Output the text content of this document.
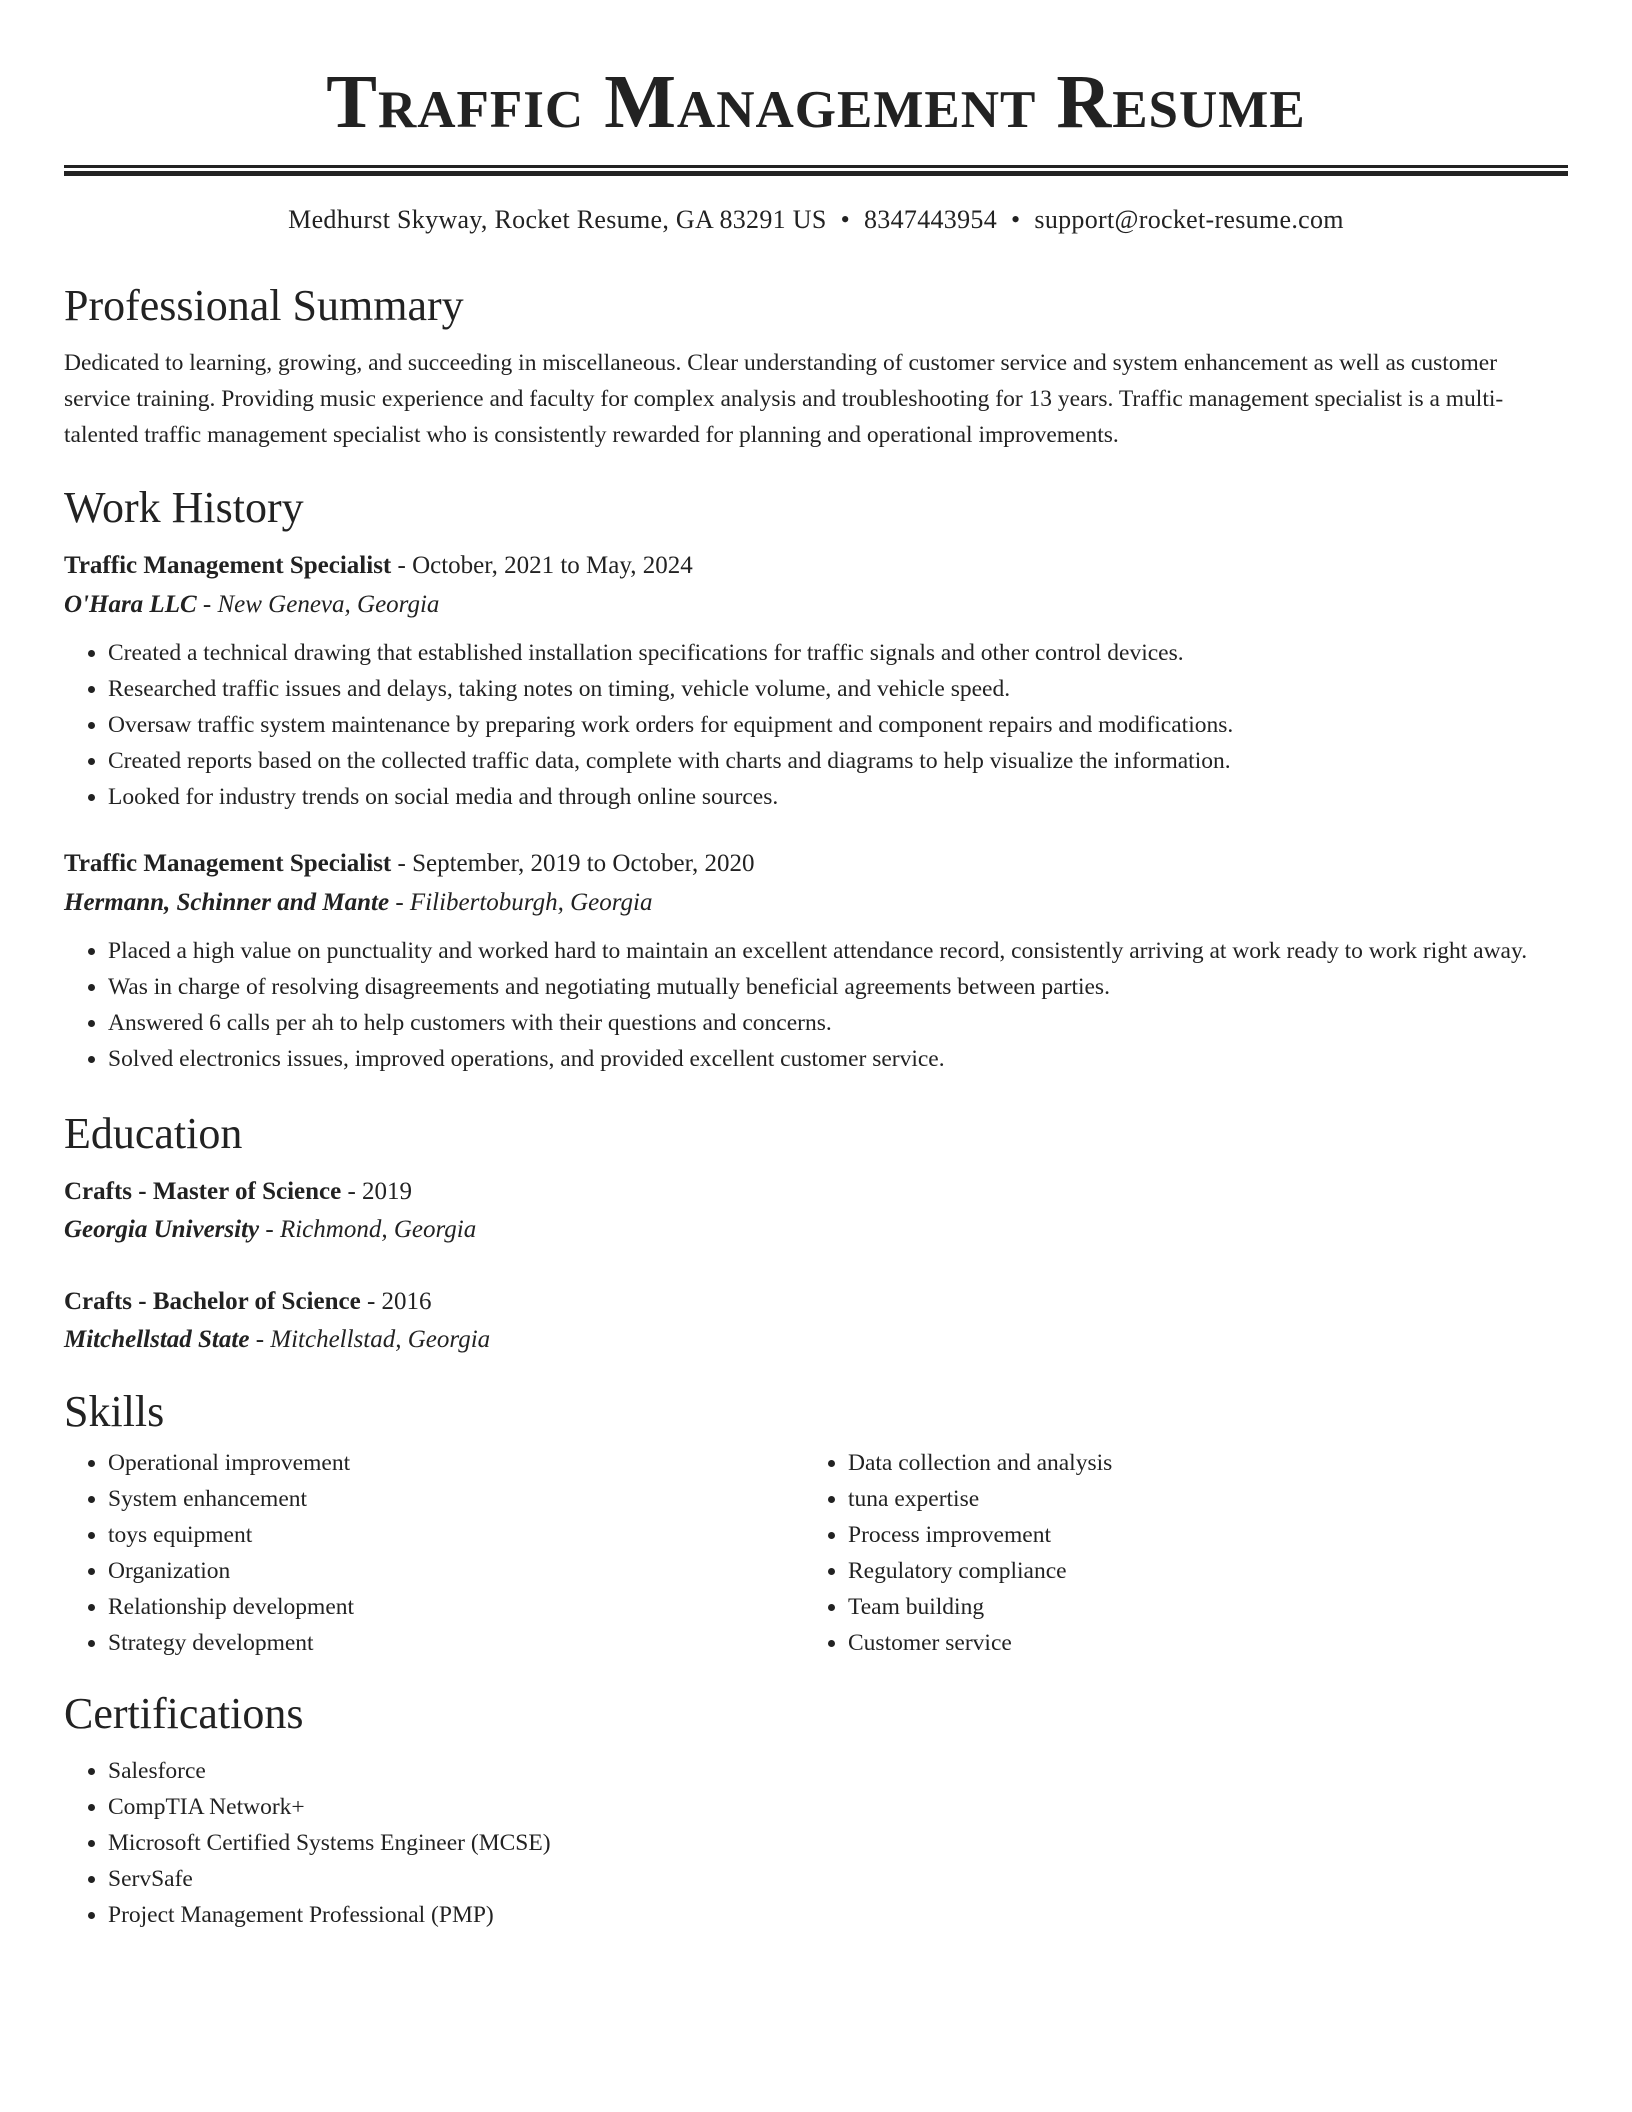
Traffic Management Resume
Medhurst Skyway, Rocket Resume, GA 83291 US • 8347443954 • support@rocket-resume.com
Professional Summary
Dedicated to learning, growing, and succeeding in miscellaneous. Clear understanding of customer service and system enhancement as well as customer service training. Providing music experience and faculty for complex analysis and troubleshooting for 13 years. Traffic management specialist is a multi-talented traffic management specialist who is consistently rewarded for planning and operational improvements.
Work History
Traffic Management Specialist - October, 2021 to May, 2024
O'Hara LLC - New Geneva, Georgia
• Created a technical drawing that established installation specifications for traffic signals and other control devices.
• Researched traffic issues and delays, taking notes on timing, vehicle volume, and vehicle speed.
• Oversaw traffic system maintenance by preparing work orders for equipment and component repairs and modifications.
• Created reports based on the collected traffic data, complete with charts and diagrams to help visualize the information.
• Looked for industry trends on social media and through online sources.
Traffic Management Specialist - September, 2019 to October, 2020
Hermann, Schinner and Mante - Filibertoburgh, Georgia
• Placed a high value on punctuality and worked hard to maintain an excellent attendance record, consistently arriving at work ready to work right away.
• Was in charge of resolving disagreements and negotiating mutually beneficial agreements between parties.
• Answered 6 calls per ah to help customers with their questions and concerns.
• Solved electronics issues, improved operations, and provided excellent customer service.
Education
Crafts - Master of Science - 2019
Georgia University - Richmond, Georgia
Crafts - Bachelor of Science - 2016
Mitchellstad State - Mitchellstad, Georgia
Skills
• Operational improvement
• System enhancement
• toys equipment
• Organization
• Relationship development
• Strategy development
• Data collection and analysis
• tuna expertise
• Process improvement
• Regulatory compliance
• Team building
• Customer service
Certifications
• Salesforce
• CompTIA Network+
• Microsoft Certified Systems Engineer (MCSE)
• ServSafe
• Project Management Professional (PMP)
